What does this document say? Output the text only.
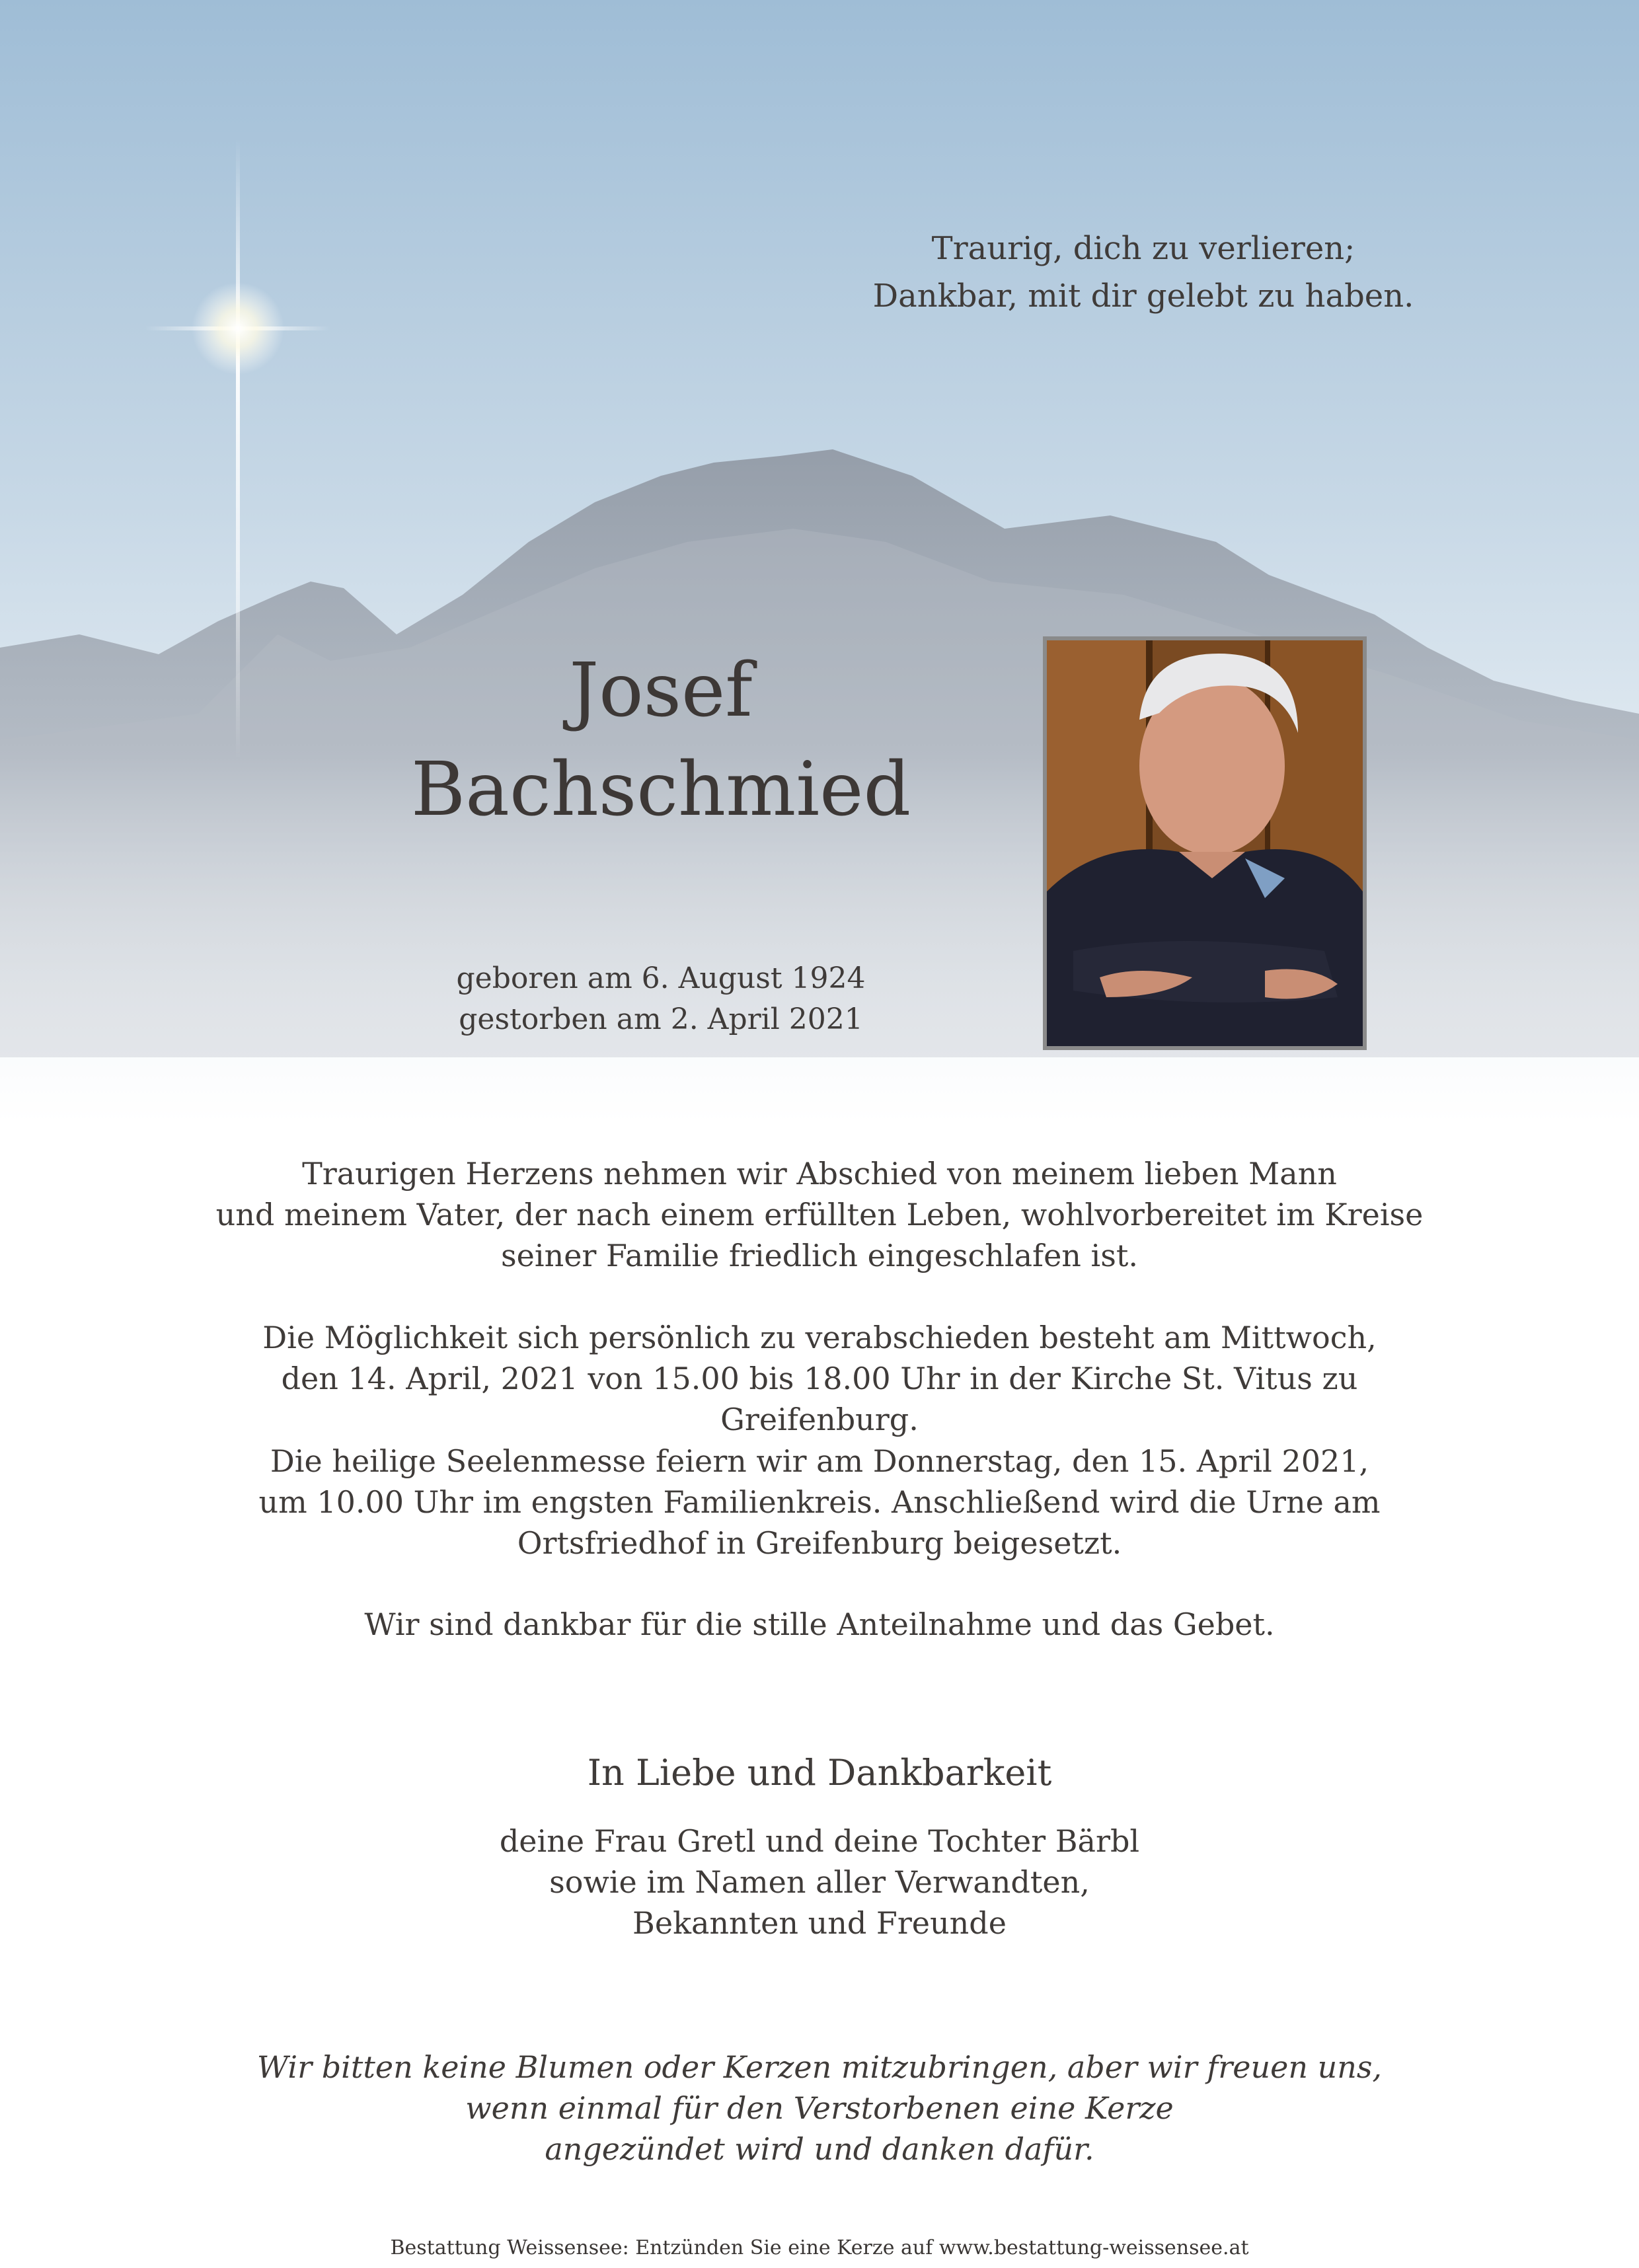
Traurig, dich zu verlieren;
Dankbar, mit dir gelebt zu haben.
Josef
Bachschmied
geboren am 6. August 1924
gestorben am 2. April 2021
Traurigen Herzens nehmen wir Abschied von meinem lieben Mann
und meinem Vater, der nach einem erfüllten Leben, wohlvorbereitet im Kreise
seiner Familie friedlich eingeschlafen ist.
Die Möglichkeit sich persönlich zu verabschieden besteht am Mittwoch,
den 14. April, 2021 von 15.00 bis 18.00 Uhr in der Kirche St. Vitus zu Greifenburg.
Die heilige Seelenmesse feiern wir am Donnerstag, den 15. April 2021,
um 10.00 Uhr im engsten Familienkreis. Anschließend wird die Urne am
Ortsfriedhof in Greifenburg beigesetzt.
Wir sind dankbar für die stille Anteilnahme und das Gebet.
In Liebe und Dankbarkeit
deine Frau Gretl und deine Tochter Bärbl
sowie im Namen aller Verwandten,
Bekannten und Freunde
Wir bitten keine Blumen oder Kerzen mitzubringen, aber wir freuen uns,
wenn einmal für den Verstorbenen eine Kerze
angezündet wird und danken dafür.
Bestattung Weissensee: Entzünden Sie eine Kerze auf www.bestattung-weissensee.at
